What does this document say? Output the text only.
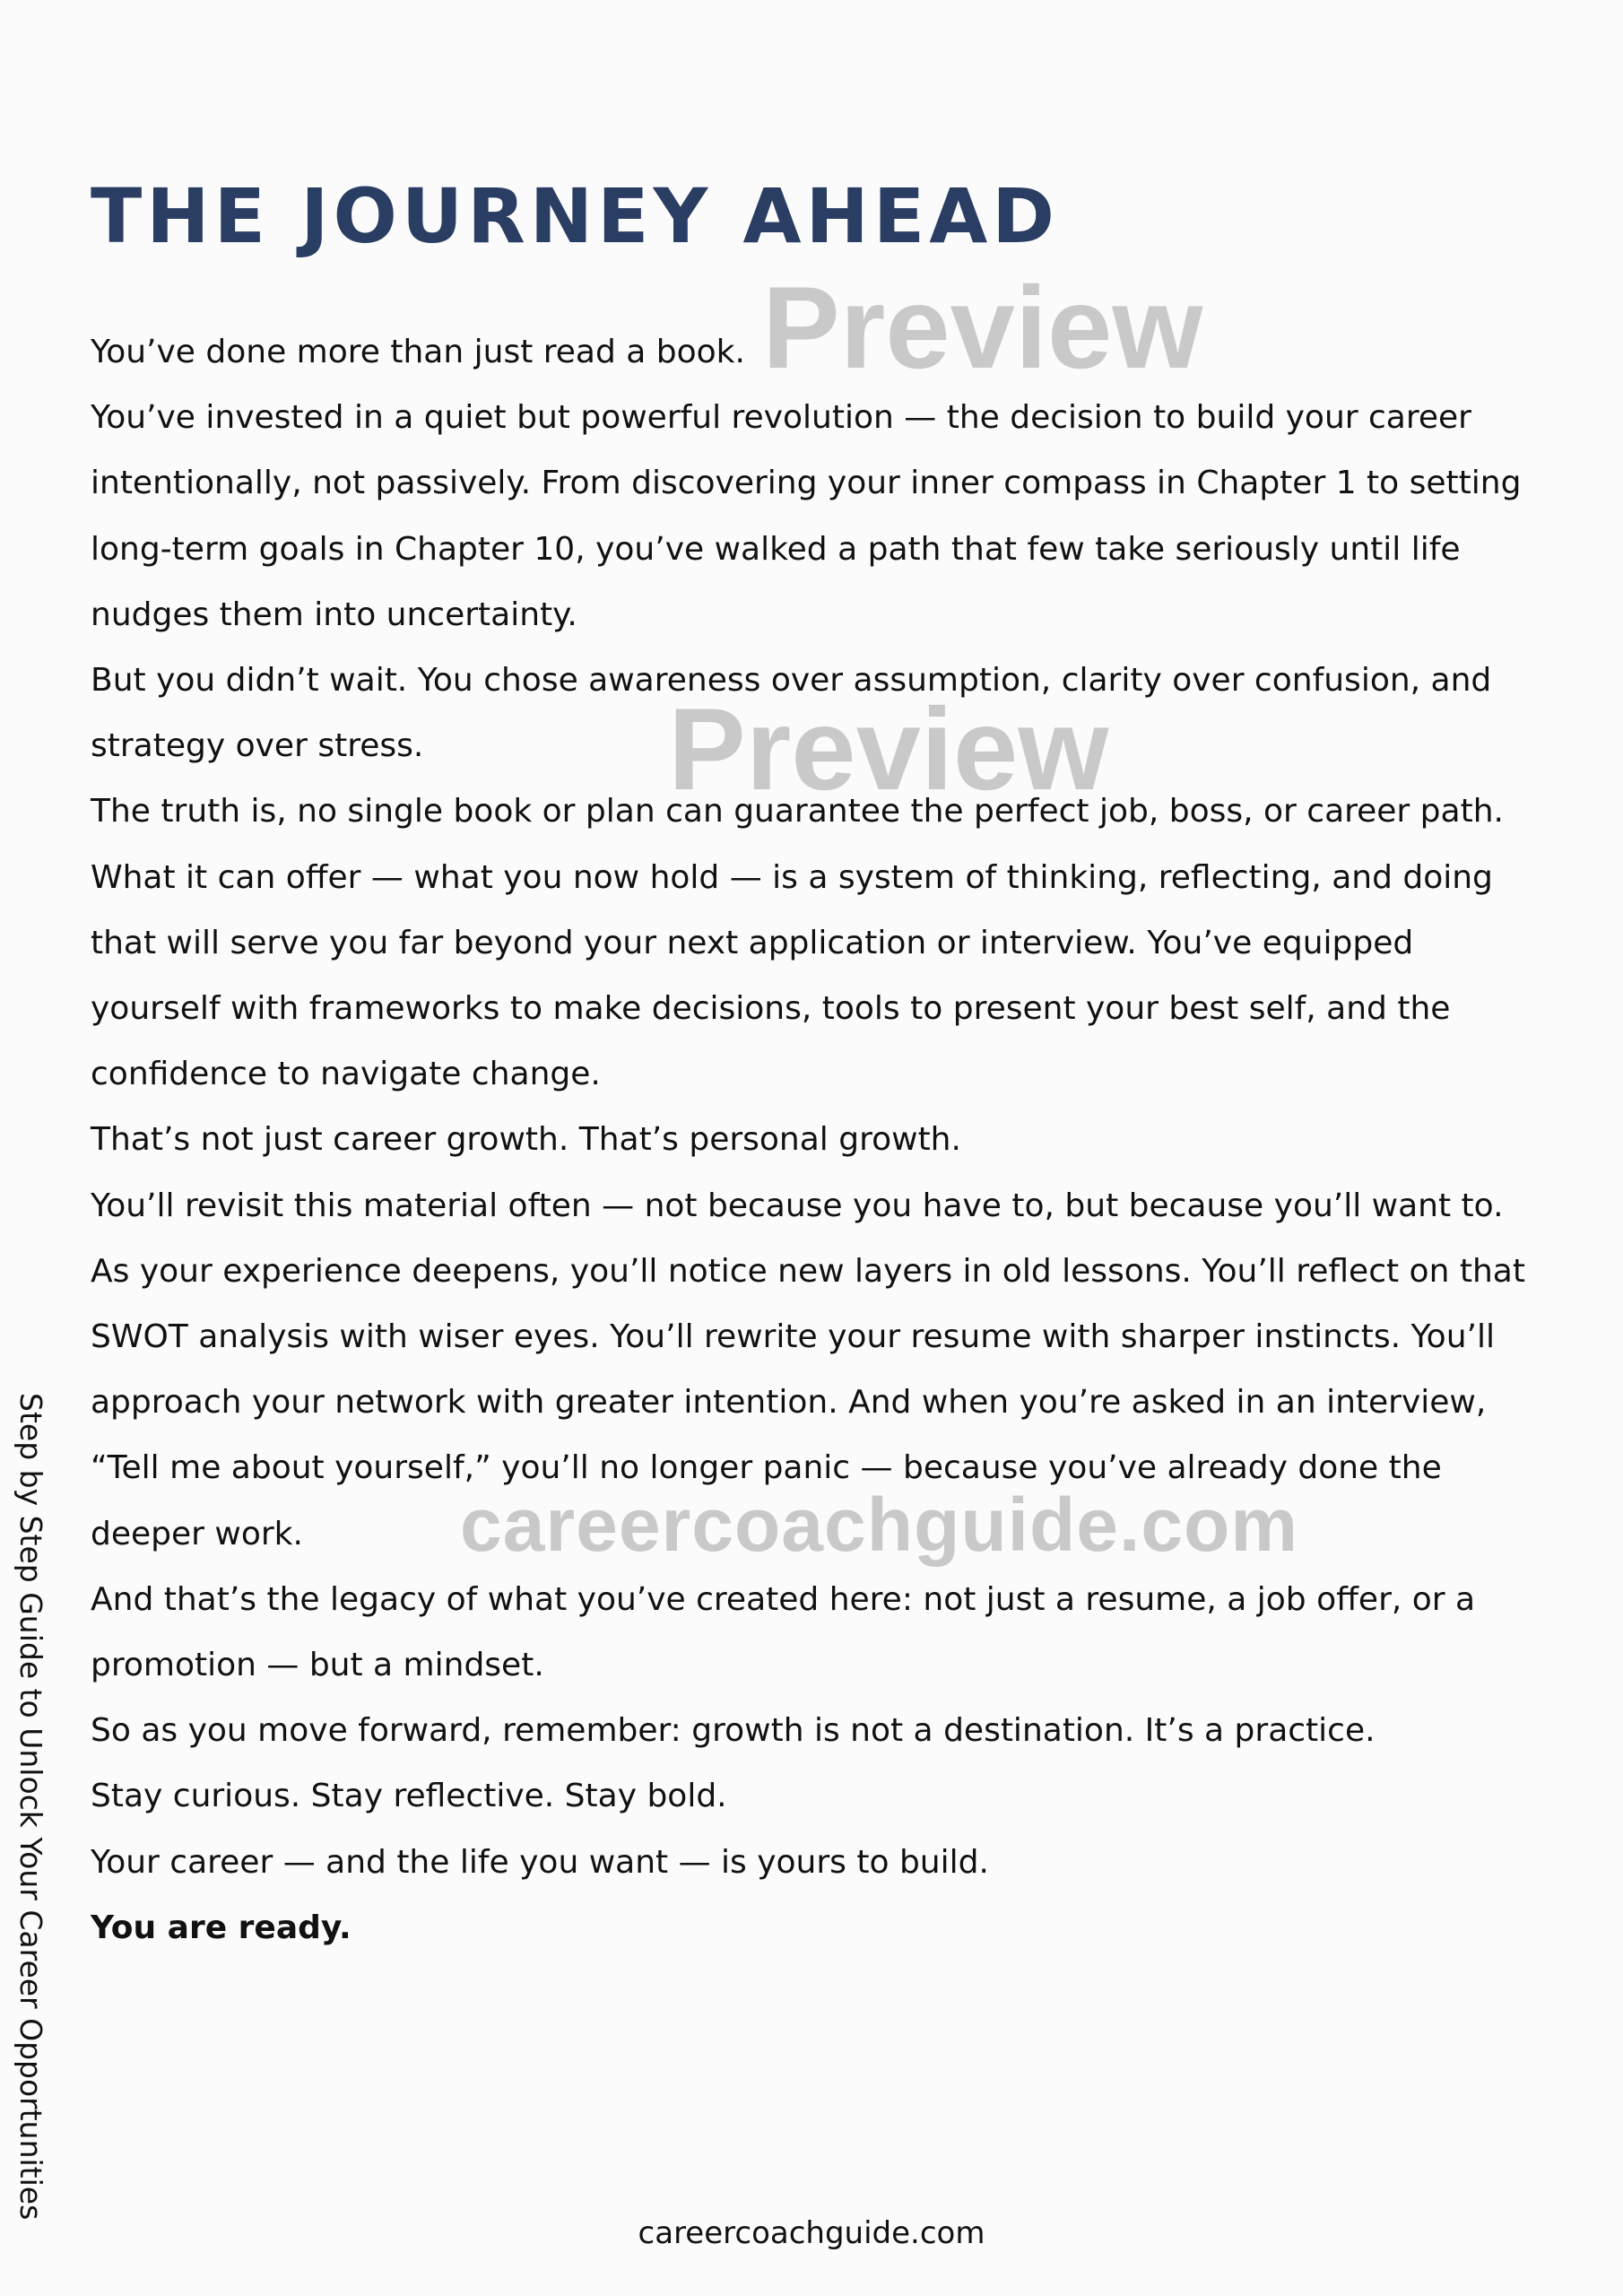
THE JOURNEY AHEAD
You’ve done more than just read a book.
You’ve invested in a quiet but powerful revolution — the decision to build your career
intentionally, not passively. From discovering your inner compass in Chapter 1 to setting
long-term goals in Chapter 10, you’ve walked a path that few take seriously until life
nudges them into uncertainty.
But you didn’t wait. You chose awareness over assumption, clarity over confusion, and
strategy over stress.
The truth is, no single book or plan can guarantee the perfect job, boss, or career path.
What it can offer — what you now hold — is a system of thinking, reflecting, and doing
that will serve you far beyond your next application or interview. You’ve equipped
yourself with frameworks to make decisions, tools to present your best self, and the
confidence to navigate change.
That’s not just career growth. That’s personal growth.
You’ll revisit this material often — not because you have to, but because you’ll want to.
As your experience deepens, you’ll notice new layers in old lessons. You’ll reflect on that
SWOT analysis with wiser eyes. You’ll rewrite your resume with sharper instincts. You’ll
approach your network with greater intention. And when you’re asked in an interview,
“Tell me about yourself,” you’ll no longer panic — because you’ve already done the
deeper work.
And that’s the legacy of what you’ve created here: not just a resume, a job offer, or a
promotion — but a mindset.
So as you move forward, remember: growth is not a destination. It’s a practice.
Stay curious. Stay reflective. Stay bold.
Your career — and the life you want — is yours to build.
You are ready.
Step by Step Guide to Unlock Your Career Opportunities
careercoachguide.com
Preview
Preview
careercoachguide.com
